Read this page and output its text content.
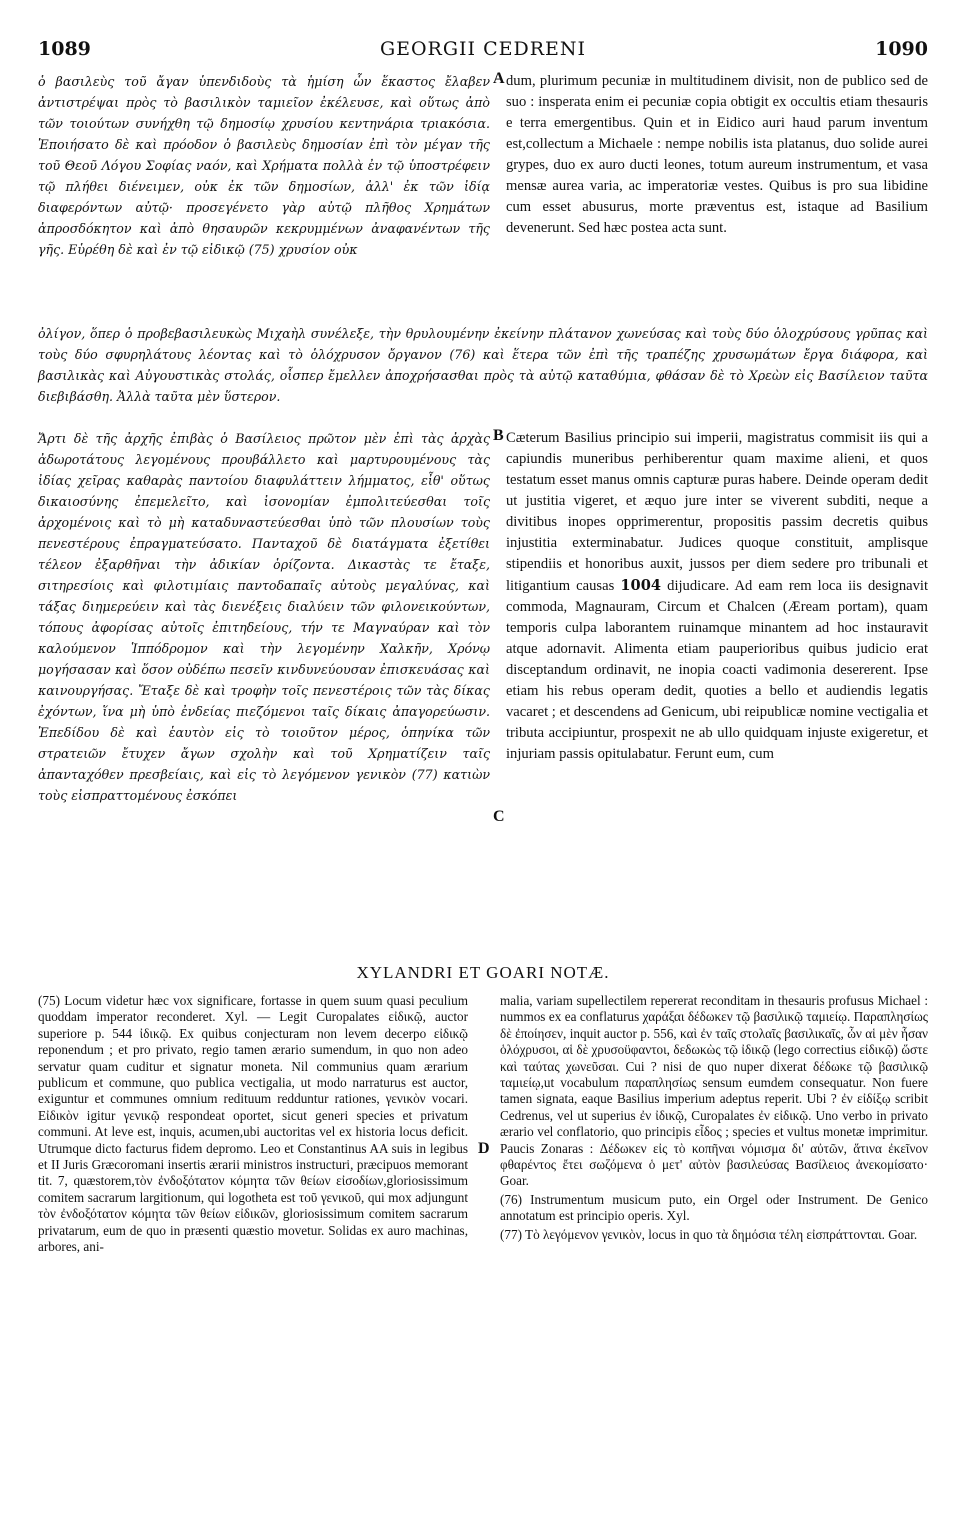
1089	GEORGII CEDRENI	1090
A
B
C
D

ὁ βασιλεὺς τοῦ ἄγαν ὑπενδιδοὺς τὰ ἡμίση ὧν ἕκαστος ἔλαβεν ἀντιστρέψαι πρὸς τὸ βασιλικὸν ταμιεῖον ἐκέλευσε, καὶ οὕτως ἀπὸ τῶν τοιούτων συνήχθη τῷ δημοσίῳ χρυσίου κεντηνάρια τριακόσια. Ἐποιήσατο δὲ καὶ πρόοδον ὁ βασιλεὺς δημοσίαν ἐπὶ τὸν μέγαν τῆς τοῦ Θεοῦ Λόγου Σοφίας ναόν, καὶ Χρήματα πολλὰ ἐν τῷ ὑποστρέφειν τῷ πλήθει διένειμεν, οὐκ ἐκ τῶν δημοσίων, ἀλλ' ἐκ τῶν ἰδίᾳ διαφερόντων αὐτῷ· προσεγένετο γὰρ αὐτῷ πλῆθος Χρημάτων ἀπροσδόκητον καὶ ἀπὸ θησαυρῶν κεκρυμμένων ἀναφανέντων τῆς γῆς. Εὑρέθη δὲ καὶ ἐν τῷ εἰδικῷ (75) χρυσίον οὐκ

dum, plurimum pecuniæ in multitudinem divisit, non de publico sed de suo : insperata enim ei pecuniæ copia obtigit ex occultis etiam thesauris e terra emergentibus. Quin et in Eidico auri haud parum inventum est,collectum a Michaele : nempe nobilis ista platanus, duo solide aurei grypes, duo ex auro ducti leones, totum aureum instrumentum, et vasa mensæ aurea varia, ac imperatoriæ vestes. Quibus is pro sua libidine cum esset abusurus, morte præventus est, istaque ad Basilium devenerunt. Sed hæc postea acta sunt.

ὀλίγον, ὅπερ ὁ προβεβασιλευκὼς Μιχαὴλ συνέλεξε, τὴν θρυλουμένην ἐκείνην πλάτανον χωνεύσας καὶ τοὺς δύο ὁλοχρύσους γρῦπας καὶ τοὺς δύο σφυρηλάτους λέοντας καὶ τὸ ὁλόχρυσον ὄργανον (76) καὶ ἕτερα τῶν ἐπὶ τῆς τραπέζης χρυσωμάτων ἔργα διάφορα, καὶ βασιλικὰς καὶ Αὐγουστικὰς στολάς, οἷσπερ ἔμελλεν ἀποχρήσασθαι πρὸς τὰ αὐτῷ καταθύμια, φθάσαν δὲ τὸ Χρεὼν εἰς Βασίλειον ταῦτα διεβιβάσθη. Ἀλλὰ ταῦτα μὲν ὕστερον.

Ἄρτι δὲ τῆς ἀρχῆς ἐπιβὰς ὁ Βασίλειος πρῶτον μὲν ἐπὶ τὰς ἀρχὰς ἀδωροτάτους λεγομένους προυβάλλετο καὶ μαρτυρουμένους τὰς ἰδίας χεῖρας καθαρὰς παντοίου διαφυλάττειν λήμματος, εἶθ' οὕτως δικαιοσύνης ἐπεμελεῖτο, καὶ ἰσονομίαν ἐμπολιτεύεσθαι τοῖς ἀρχομένοις καὶ τὸ μὴ καταδυναστεύεσθαι ὑπὸ τῶν πλουσίων τοὺς πενεστέρους ἐπραγματεύσατο. Πανταχοῦ δὲ διατάγματα ἐξετίθει τέλεον ἐξαρθῆναι τὴν ἀδικίαν ὁρίζοντα. Δικαστὰς τε ἔταξε, σιτηρεσίοις καὶ φιλοτιμίαις παντοδαπαῖς αὐτοὺς μεγαλύνας, καὶ τάξας διημερεύειν καὶ τὰς διενέξεις διαλύειν τῶν φιλονεικούντων, τόπους ἀφορίσας αὐτοῖς ἐπιτηδείους, τήν τε Μαγναύραν καὶ τὸν καλούμενον Ἱππόδρομον καὶ τὴν λεγομένην Χαλκῆν, Χρόνῳ μογήσασαν καὶ ὅσον οὐδέπω πεσεῖν κινδυνεύουσαν ἐπισκευάσας καὶ καινουργήσας. Ἔταξε δὲ καὶ τροφὴν τοῖς πενεστέροις τῶν τὰς δίκας ἐχόντων, ἵνα μὴ ὑπὸ ἐνδείας πιεζόμενοι ταῖς δίκαις ἀπαγορεύωσιν. Ἐπεδίδου δὲ καὶ ἑαυτὸν εἰς τὸ τοιοῦτον μέρος, ὁπηνίκα τῶν στρατειῶν ἔτυχεν ἄγων σχολὴν καὶ τοῦ Χρηματίζειν ταῖς ἀπανταχόθεν πρεσβείαις, καὶ εἰς τὸ λεγόμενον γενικὸν (77) κατιὼν τοὺς εἰσπραττομένους ἐσκόπει

Cæterum Basilius principio sui imperii, magistratus commisit iis qui a capiundis muneribus perhiberentur quam maxime alieni, et quos testatum esset manus omnis capturæ puras habere. Deinde operam dedit ut justitia vigeret, et æquo jure inter se viverent subditi, neque a divitibus inopes opprimerentur, propositis passim decretis quibus injustitia exterminabatur. Judices quoque constituit, amplisque stipendiis et honoribus auxit, jussos per diem sedere pro tribunali et litigantium causas 1004 dijudicare. Ad eam rem loca iis designavit commoda, Magnauram, Circum et Chalcen (Æream portam), quam temporis culpa laborantem ruinamque minantem ad hoc instauravit atque adornavit. Alimenta etiam pauperioribus quibus judicio erat disceptandum ordinavit, ne inopia coacti vadimonia desererent. Ipse etiam his rebus operam dedit, quoties a bello et audiendis legatis vacaret ; et descendens ad Genicum, ubi reipublicæ nomine vectigalia et tributa accipiuntur, prospexit ne ab ullo quidquam injuste exigeretur, et injuriam passis opitulabatur. Ferunt eum, cum

XYLANDRI ET GOARI NOTÆ.

(75) Locum videtur hæc vox significare, fortasse in quem suum quasi peculium quoddam imperator reconderet. Xyl. — Legit Curopalates εἰδικῷ, auctor superiore p. 544 ἰδικῷ. Ex quibus conjecturam non levem decerpo εἰδικῷ reponendum ; et pro privato, regio tamen ærario sumendum, in quo non adeo servatur quam cuditur et signatur moneta. Nil communius quam ærarium publicum et commune, quo publica vectigalia, ut modo narraturus est auctor, exiguntur et communes omnium redituum redduntur rationes, γενικὸν vocari. Εἰδικὸν igitur γενικῷ respondeat oportet, sicut generi species et privatum communi. At leve est, inquis, acumen,ubi auctoritas vel ex historia locus deficit. Utrumque dicto facturus fidem depromo. Leo et Constantinus AA suis in legibus et II Juris Græcoromani insertis ærarii ministros instructuri, præcipuos memorant tit. 7, quæstorem,τὸν ἐνδοξότατον κόμητα τῶν θείων εἰσοδίων,gloriosissimum comitem sacrarum largitionum, qui logotheta est τοῦ γενικοῦ, qui mox adjungunt τὸν ἐνδοξότατον κόμητα τῶν θείων εἰδικῶν, gloriosissimum comitem sacrarum privatarum, eum de quo in præsenti quæstio movetur. Solidas ex auro machinas, arbores, ani-

malia, variam supellectilem repererat reconditam in thesauris profusus Michael : nummos ex ea conflaturus χαράξαι δέδωκεν τῷ βασιλικῷ ταμιείῳ. Παραπλησίως δὲ ἐποίησεν, inquit auctor p. 556, καὶ ἐν ταῖς στολαῖς βασιλικαῖς, ὧν αἱ μὲν ἦσαν ὁλόχρυσοι, αἱ δὲ χρυσοϋφαντοι, δεδωκὼς τῷ ἰδικῷ (lego correctius εἰδικῷ) ὥστε καὶ ταύτας χωνεῦσαι. Cui ? nisi de quo nuper dixerat δέδωκε τῷ βασιλικῷ ταμιείῳ,ut vocabulum παραπλησίως sensum eumdem consequatur. Non fuere tamen signata, eaque Basilius imperium adeptus reperit. Ubi ? ἐν εἰδίξῳ scribit Cedrenus, vel ut superius ἐν ἰδικῷ, Curopalates ἐν εἰδικῷ. Uno verbo in privato ærario vel conflatorio, quo principis εἶδος ; species et vultus monetæ imprimitur. Paucis Zonaras : Δέδωκεν εἰς τὸ κοπῆναι νόμισμα δι' αὐτῶν, ἅτινα ἐκεῖνον φθαρέντος ἔτει σωζόμενα ὁ μετ' αὐτὸν βασιλεύσας Βασίλειος ἀνεκομίσατο· Goar.

(76) Instrumentum musicum puto, ein Orgel oder Instrument. De Genico annotatum est principio operis. Xyl.

(77) Τὸ λεγόμενον γενικὸν, locus in quo τὰ δημόσια τέλη εἰσπράττονται. Goar.
